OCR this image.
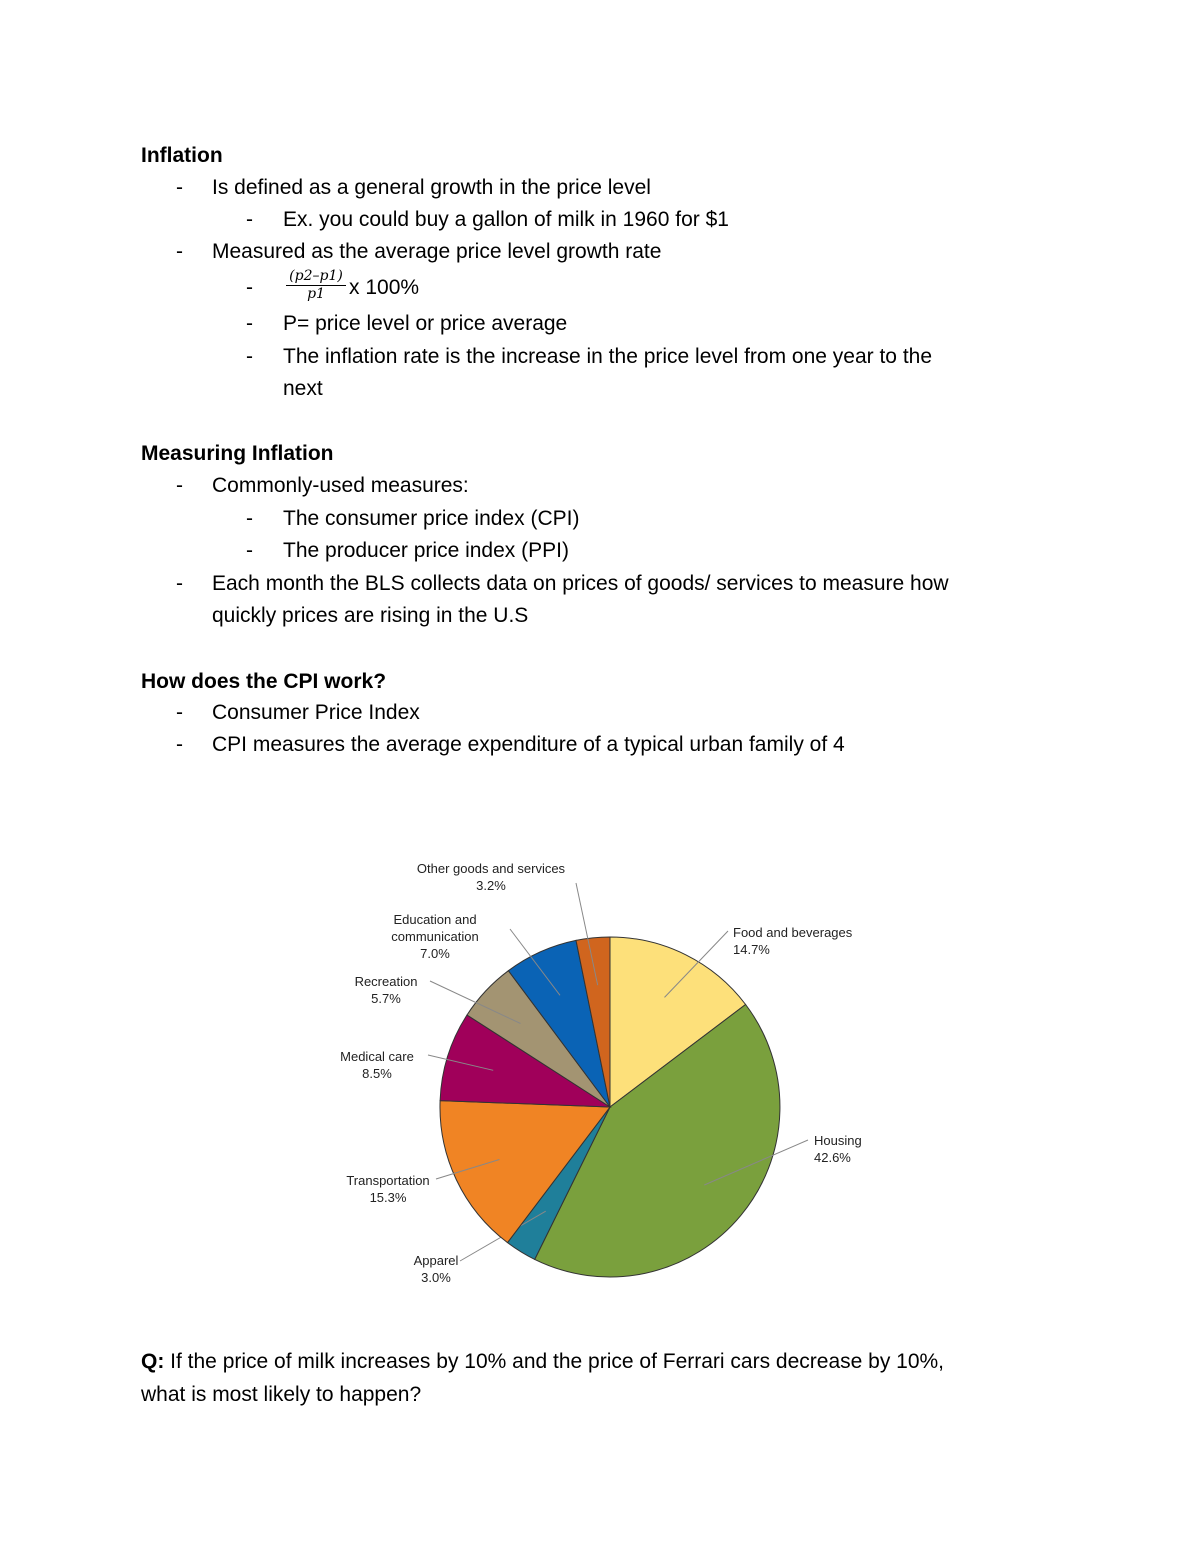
Inflation
- Is defined as a general growth in the price level
- Ex. you could buy a gallon of milk in 1960 for $1
- Measured as the average price level growth rate
- $\frac{(p2-p1)}{p1}$ x 100%
- P= price level or price average
- The inflation rate is the increase in the price level from one year to the
next
Measuring Inflation
- Commonly-used measures:
- The consumer price index (CPI)
- The producer price index (PPI)
- Each month the BLS collects data on prices of goods/ services to measure how
quickly prices are rising in the U.S
How does the CPI work?
- Consumer Price Index
- CPI measures the average expenditure of a typical urban family of 4
Food and beverages
14.7%
Housing
42.6%
Apparel
3.0%
Transportation
15.3%
Medical care
8.5%
Recreation
5.7%
Education and
communication
7.0%
Other goods and services
3.2%
Q: If the price of milk increases by 10% and the price of Ferrari cars decrease by 10%,
what is most likely to happen?
